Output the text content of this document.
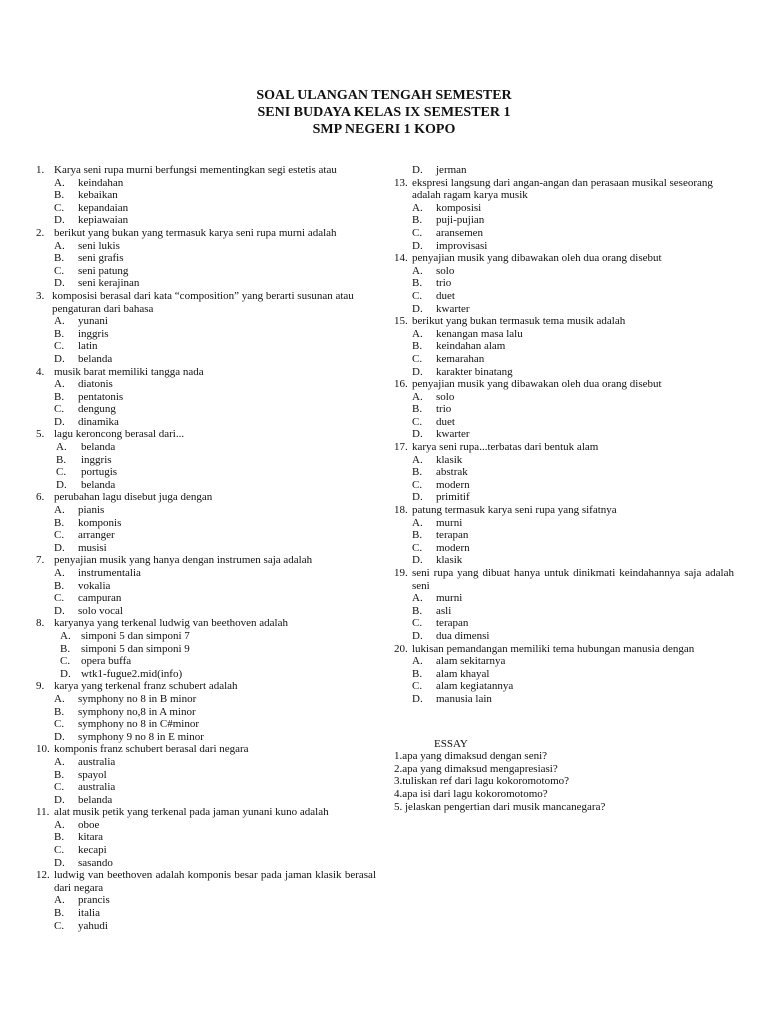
SOAL ULANGAN TENGAH SEMESTER
SENI BUDAYA KELAS IX SEMESTER 1
SMP NEGERI 1 KOPO
1. Karya seni rupa murni berfungsi mementingkan segi estetis atau
A. keindahan
B. kebaikan
C. kepandaian
D. kepiawaian
2. berikut yang bukan yang termasuk karya seni rupa murni adalah
A. seni lukis
B. seni grafis
C. seni patung
D. seni kerajinan
3. komposisi berasal dari kata “composition” yang berarti susunan atau pengaturan dari bahasa
A. yunani
B. inggris
C. latin
D. belanda
4. musik barat memiliki tangga nada
A. diatonis
B. pentatonis
C. dengung
D. dinamika
5. lagu keroncong berasal dari...
A. belanda
B. inggris
C. portugis
D. belanda
6. perubahan lagu disebut juga dengan
A. pianis
B. komponis
C. arranger
D. musisi
7. penyajian musik yang hanya dengan instrumen saja adalah
A. instrumentalia
B. vokalia
C. campuran
D. solo vocal
8. karyanya yang terkenal ludwig van beethoven adalah
A. simponi 5 dan simponi 7
B. simponi 5 dan simponi 9
C. opera buffa
D. wtk1-fugue2.mid(info)
9. karya yang terkenal franz schubert adalah
A. symphony no 8 in B minor
B. symphony no,8 in A minor
C. symphony no 8 in C#minor
D. symphony 9 no 8 in E minor
10. komponis franz schubert berasal dari negara
A. australia
B. spayol
C. australia
D. belanda
11. alat musik petik yang terkenal pada jaman yunani kuno adalah
A. oboe
B. kitara
C. kecapi
D. sasando
12. ludwig van beethoven adalah komponis besar pada jaman klasik berasal dari negara
A. prancis
B. italia
C. yahudi
D. jerman
13. ekspresi langsung dari angan-angan dan perasaan musikal seseorang adalah ragam karya musik
A. komposisi
B. puji-pujian
C. aransemen
D. improvisasi
14. penyajian musik yang dibawakan oleh dua orang disebut
A. solo
B. trio
C. duet
D. kwarter
15. berikut yang bukan termasuk tema musik adalah
A. kenangan masa lalu
B. keindahan alam
C. kemarahan
D. karakter binatang
16. penyajian musik yang dibawakan oleh dua orang disebut
A. solo
B. trio
C. duet
D. kwarter
17. karya seni rupa...terbatas dari bentuk alam
A. klasik
B. abstrak
C. modern
D. primitif
18. patung termasuk karya seni rupa yang sifatnya
A. murni
B. terapan
C. modern
D. klasik
19. seni rupa yang dibuat hanya untuk dinikmati keindahannya saja adalah seni
A. murni
B. asli
C. terapan
D. dua dimensi
20. lukisan pemandangan memiliki tema hubungan manusia dengan
A. alam sekitarnya
B. alam khayal
C. alam kegiatannya
D. manusia lain
ESSAY
1.apa yang dimaksud dengan seni?
2.apa yang dimaksud mengapresiasi?
3.tuliskan ref dari lagu kokoromotomo?
4.apa isi dari lagu kokoromotomo?
5. jelaskan pengertian dari musik mancanegara?
